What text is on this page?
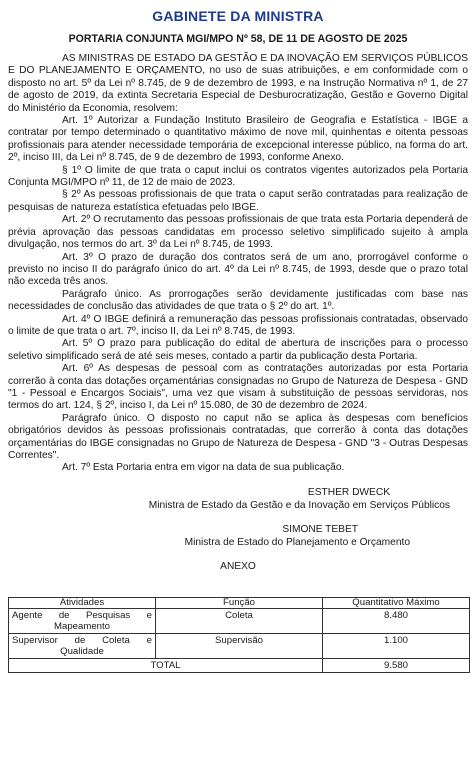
GABINETE DA MINISTRA
PORTARIA CONJUNTA MGI/MPO Nº 58, DE 11 DE AGOSTO DE 2025

AS MINISTRAS DE ESTADO DA GESTÃO E DA INOVAÇÃO EM SERVIÇOS PÚBLICOS E DO PLANEJAMENTO E ORÇAMENTO, no uso de suas atribuições, e em conformidade com o disposto no art. 5º da Lei nº 8.745, de 9 de dezembro de 1993, e na Instrução Normativa nº 1, de 27 de agosto de 2019, da extinta Secretaria Especial de Desburocratização, Gestão e Governo Digital do Ministério da Economia, resolvem:

Art. 1º Autorizar a Fundação Instituto Brasileiro de Geografia e Estatística - IBGE a contratar por tempo determinado o quantitativo máximo de nove mil, quinhentas e oitenta pessoas profissionais para atender necessidade temporária de excepcional interesse público, na forma do art. 2º, inciso III, da Lei nº 8.745, de 9 de dezembro de 1993, conforme Anexo.

§ 1º O limite de que trata o caput inclui os contratos vigentes autorizados pela Portaria Conjunta MGI/MPO nº 11, de 12 de maio de 2023.

§ 2º As pessoas profissionais de que trata o caput serão contratadas para realização de pesquisas de natureza estatística efetuadas pelo IBGE.

Art. 2º O recrutamento das pessoas profissionais de que trata esta Portaria dependerá de prévia aprovação das pessoas candidatas em processo seletivo simplificado sujeito à ampla divulgação, nos termos do art. 3º da Lei nº 8.745, de 1993.

Art. 3º O prazo de duração dos contratos será de um ano, prorrogável conforme o previsto no inciso II do parágrafo único do art. 4º da Lei nº 8.745, de 1993, desde que o prazo total não exceda três anos.

Parágrafo único. As prorrogações serão devidamente justificadas com base nas necessidades de conclusão das atividades de que trata o § 2º do art. 1º.

Art. 4º O IBGE definirá a remuneração das pessoas profissionais contratadas, observado o limite de que trata o art. 7º, inciso II, da Lei nº 8.745, de 1993.

Art. 5º O prazo para publicação do edital de abertura de inscrições para o processo seletivo simplificado será de até seis meses, contado a partir da publicação desta Portaria.

Art. 6º As despesas de pessoal com as contratações autorizadas por esta Portaria correrão à conta das dotações orçamentárias consignadas no Grupo de Natureza de Despesa - GND "1 - Pessoal e Encargos Sociais", uma vez que visam à substituição de pessoas servidoras, nos termos do art. 124, § 2º, inciso I, da Lei nº 15.080, de 30 de dezembro de 2024.

Parágrafo único. O disposto no caput não se aplica às despesas com benefícios obrigatórios devidos às pessoas profissionais contratadas, que correrão à conta das dotações orçamentárias do IBGE consignadas no Grupo de Natureza de Despesa - GND "3 - Outras Despesas Correntes".

Art. 7º Esta Portaria entra em vigor na data de sua publicação.

ESTHER DWECK
Ministra de Estado da Gestão e da Inovação em Serviços Públicos
SIMONE TEBET
Ministra de Estado do Planejamento e Orçamento
ANEXO
Atividades	Função	Quantitativo Máximo

Agente de Pesquisas e
Mapeamento	Coleta	8.480

Supervisor de Coleta e
Qualidade	Supervisão	1.100
TOTAL		9.580
